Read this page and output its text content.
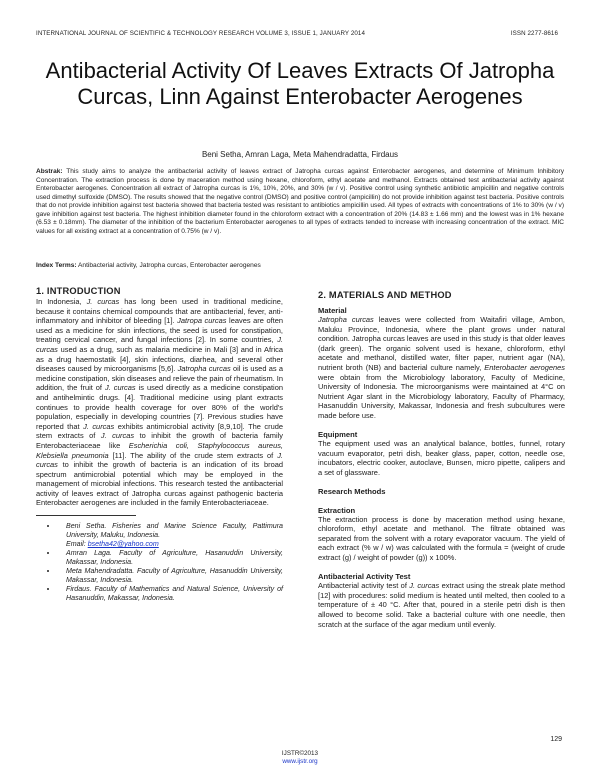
INTERNATIONAL JOURNAL OF SCIENTIFIC & TECHNOLOGY RESEARCH VOLUME 3, ISSUE 1, JANUARY 2014	ISSN 2277-8616
Antibacterial Activity Of Leaves Extracts Of Jatropha Curcas, Linn Against Enterobacter Aerogenes
Beni Setha, Amran Laga, Meta Mahendradatta, Firdaus
Abstrak: This study aims to analyze the antibacterial activity of leaves extract of Jatropha curcas against Enterobacter aerogenes, and determine of Minimum Inhibitory Concentration. The extraction process is done by maceration method using hexane, chloroform, ethyl acetate and methanol. Extracts obtained test antibacterial activity against Enterobacter aerogenes. Concentration all extract of Jatropha curcas is 1%, 10%, 20%, and 30% (w / v). Positive control using synthetic antibiotic ampicillin and negative controls used dimethyl sulfoxide (DMSO). The results showed that the negative control (DMSO) and positive control (ampicillin) do not provide inhibition against test bacteria. Positive controls that do not provide inhibition against test bacteria showed that bacteria tested was resistant to antibiotics ampicillin used. All types of extracts with concentrations of 1% to 30% (w / v) gave inhibition against test bacteria. The highest inhibition diameter found in the chloroform extract with a concentration of 20% (14.83 ± 1.66 mm) and the lowest was in 1% hexane (6.53 ± 0.18mm). The diameter of the inhibition of the bacterium Enterobacter aerogenes to all types of extracts tended to increase with increasing concentration of the extract. MIC values for all existing extract at a concentration of 0.75% (w / v).
Index Terms: Antibacterial activity, Jatropha curcas, Enterobacter aerogenes
1. INTRODUCTION

In Indonesia, J. curcas has long been used in traditional medicine, because it contains chemical compounds that are antibacterial, fever, anti-inflammatory and inhibitor of bleeding [1]. Jatropa curcas leaves are often used as a medicine for skin infections, the seed is used for constipation, treating cervical cancer, and fungal infections [2]. In some countries, J. curcas used as a drug, such as malaria medicine in Mali [3] and in Africa as a drug haemostatik [4], skin infections, diarhea, and several other diseases caused by microorganisms [5,6]. Jatropha curcas oil is used as a medicine constipation, skin diseases and relieve the pain of rheumatism. In addition, the fruit of J. curcas is used directly as a medicine constipation and antihelmintic drugs. [4]. Traditional medicine using plant extracts continues to provide health coverage for over 80% of the world's population, especially in developing countries [7]. Previous studies have reported that J. curcas exhibits antimicrobial activity [8,9,10]. The crude stem extracts of J. curcas to inhibit the growth of bacteria family Enterobacteriaceae like Escherichia coli, Staphylococcus aureus, Klebsiella pneumonia [11]. The ability of the crude stem extracts of J. curcas to inhibit the growth of bacteria is an indication of its broad spectrum antimicrobial potential which may be employed in the management of microbial infections. This research tested the antibacterial activity of leaves extract of Jatropha curcas against pathogenic bacteria Enterobacter aerogenes are included in the family Enterobacteriaceae.

• Beni Setha. Fisheries and Marine Science Faculty, Pattimura University, Maluku, Indonesia.
Email: bsetha42@yahoo.com
• Amran Laga. Faculty of Agriculture, Hasanuddin University, Makassar, Indonesia.
• Meta Mahendradatta. Faculty of Agriculture, Hasanuddin University, Makassar, Indonesia.
• Firdaus. Faculty of Mathematics and Natural Science, University of Hasanuddin, Makassar, Indonesia.
2. MATERIALS AND METHOD
Material

Jatropha curcas leaves were collected from Waitafiri village, Ambon, Maluku Province, Indonesia, where the plant grows under natural condition. Jatropha curcas leaves are used in this study is that older leaves (dark green). The organic solvent used is hexane, chloroform, ethyl acetate and methanol, distilled water, filter paper, nutrient agar (NA), nutrient broth (NB) and bacterial culture namely, Enterobacter aerogenes were obtain from the Microbiology laboratory, Faculty of Medicine, University of Indonesia. The microorganisms were maintained at 4°C on Nutrient Agar slant in the Microbiology laboratory, Faculty of Pharmacy, Hasanuddin University, Makassar, Indonesia and fresh subcultures were made before use.

Equipment

The equipment used was an analytical balance, bottles, funnel, rotary vacuum evaporator, petri dish, beaker glass, paper, cotton, needle ose, incubators, electric cooker, autoclave, Bunsen, micro pipette, calipers and a set of glassware.

Research Methods
Extraction

The extraction process is done by maceration method using hexane, chloroform, ethyl acetate and methanol. The filtrate obtained was separated from the solvent with a rotary evaporator vacuum. The yield of each extract (% w / w) was calculated with the formula = (weight of crude extract (g) / weight of powder (g)) x 100%.

Antibacterial Activity Test

Antibacterial activity test of J. curcas extract using the streak plate method [12] with procedures: solid medium is heated until melted, then cooled to a temperature of ± 40 °C. After that, poured in a sterile petri dish is then allowed to become solid. Take a bacterial culture with one needle, then scratch at the surface of the agar medium until evenly.

129
IJSTR©2013
www.ijstr.org
